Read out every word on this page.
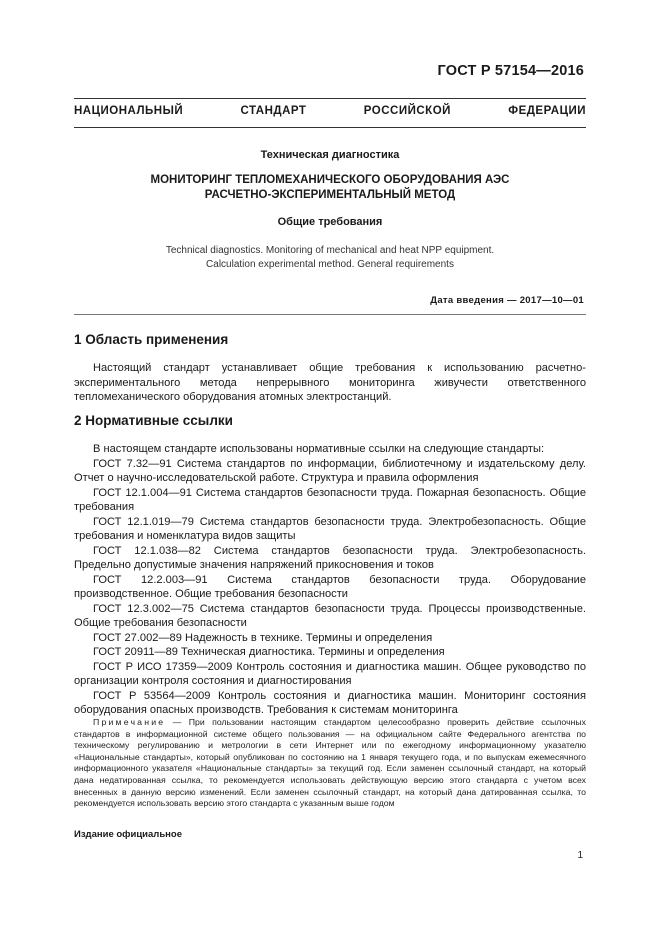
ГОСТ Р 57154—2016
НАЦИОНАЛЬНЫЙ СТАНДАРТ РОССИЙСКОЙ ФЕДЕРАЦИИ
Техническая диагностика
МОНИТОРИНГ ТЕПЛОМЕХАНИЧЕСКОГО ОБОРУДОВАНИЯ АЭС
РАСЧЕТНО-ЭКСПЕРИМЕНТАЛЬНЫЙ МЕТОД
Общие требования
Technical diagnostics. Monitoring of mechanical and heat NPP equipment.
Calculation experimental method. General requirements
Дата введения — 2017—10—01
1 Область применения

Настоящий стандарт устанавливает общие требования к использованию расчетно-экспериментального метода непрерывного мониторинга живучести ответственного тепломеханического оборудования атомных электростанций.

2 Нормативные ссылки

В настоящем стандарте использованы нормативные ссылки на следующие стандарты:

ГОСТ 7.32—91 Система стандартов по информации, библиотечному и издательскому делу. Отчет о научно-исследовательской работе. Структура и правила оформления

ГОСТ 12.1.004—91 Система стандартов безопасности труда. Пожарная безопасность. Общие требования

ГОСТ 12.1.019—79 Система стандартов безопасности труда. Электробезопасность. Общие требования и номенклатура видов защиты

ГОСТ 12.1.038—82 Система стандартов безопасности труда. Электробезопасность. Предельно допустимые значения напряжений прикосновения и токов

ГОСТ 12.2.003—91 Система стандартов безопасности труда. Оборудование производственное. Общие требования безопасности

ГОСТ 12.3.002—75 Система стандартов безопасности труда. Процессы производственные. Общие требования безопасности

ГОСТ 27.002—89 Надежность в технике. Термины и определения

ГОСТ 20911—89 Техническая диагностика. Термины и определения

ГОСТ Р ИСО 17359—2009 Контроль состояния и диагностика машин. Общее руководство по организации контроля состояния и диагностирования

ГОСТ Р 53564—2009 Контроль состояния и диагностика машин. Мониторинг состояния оборудования опасных производств. Требования к системам мониторинга

Примечание — При пользовании настоящим стандартом целесообразно проверить действие ссылочных стандартов в информационной системе общего пользования — на официальном сайте Федерального агентства по техническому регулированию и метрологии в сети Интернет или по ежегодному информационному указателю «Национальные стандарты», который опубликован по состоянию на 1 января текущего года, и по выпускам ежемесячного информационного указателя «Национальные стандарты» за текущий год. Если заменен ссылочный стандарт, на который дана недатированная ссылка, то рекомендуется использовать действующую версию этого стандарта с учетом всех внесенных в данную версию изменений. Если заменен ссылочный стандарт, на который дана датированная ссылка, то рекомендуется использовать версию этого стандарта с указанным выше годом
Издание официальное
1
